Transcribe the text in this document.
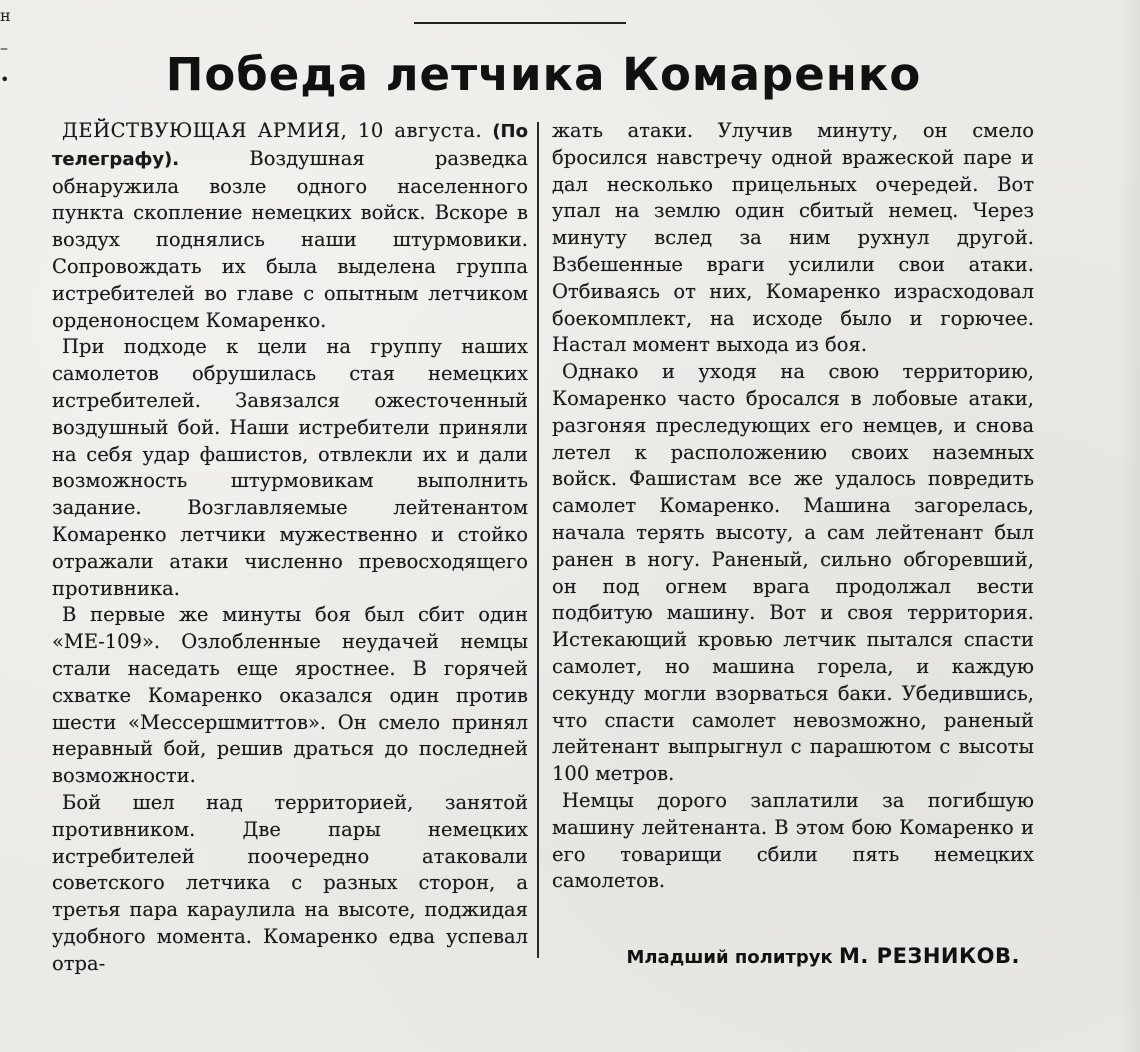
н
–
•	Победа летчика Комаренко

ДЕЙСТВУЮЩАЯ АРМИЯ, 10 августа. (По телеграфу). Воздушная разведка обнаружила возле одного населенного пункта скопление немецких войск. Вскоре в воздух поднялись наши штурмовики. Сопровождать их была выделена группа истребителей во главе с опытным летчиком орденоносцем Комаренко.

При подходе к цели на группу наших самолетов обрушилась стая немецких истребителей. Завязался ожесточенный воздушный бой. Наши истребители приняли на себя удар фашистов, отвлекли их и дали возможность штурмовикам выполнить задание. Возглавляемые лейтенантом Комаренко летчики мужественно и стойко отражали атаки численно превосходящего противника.

В первые же минуты боя был сбит один «МЕ-109». Озлобленные неудачей немцы стали наседать еще яростнее. В горячей схватке Комаренко оказался один против шести «Мессершмиттов». Он смело принял неравный бой, решив драться до последней возможности.

Бой шел над территорией, занятой противником. Две пары немецких истребителей поочередно атаковали советского летчика с разных сторон, а третья пара караулила на высоте, поджидая удобного момента. Комаренко едва успевал отра-

жать атаки. Улучив минуту, он смело бросился навстречу одной вражеской паре и дал несколько прицельных очередей. Вот упал на землю один сбитый немец. Через минуту вслед за ним рухнул другой. Взбешенные враги усилили свои атаки. Отбиваясь от них, Комаренко израсходовал боекомплект, на исходе было и горючее. Настал момент выхода из боя.

Однако и уходя на свою территорию, Комаренко часто бросался в лобовые атаки, разгоняя преследующих его немцев, и снова летел к расположению своих наземных войск. Фашистам все же удалось повредить самолет Комаренко. Машина загорелась, начала терять высоту, а сам лейтенант был ранен в ногу. Раненый, сильно обгоревший, он под огнем врага продолжал вести подбитую машину. Вот и своя территория. Истекающий кровью летчик пытался спасти самолет, но машина горела, и каждую секунду могли взорваться баки. Убедившись, что спасти самолет невозможно, раненый лейтенант выпрыгнул с парашютом с высоты 100 метров.

Немцы дорого заплатили за погибшую машину лейтенанта. В этом бою Комаренко и его товарищи сбили пять немецких самолетов.

Младший политрук М. РЕЗНИКОВ.
